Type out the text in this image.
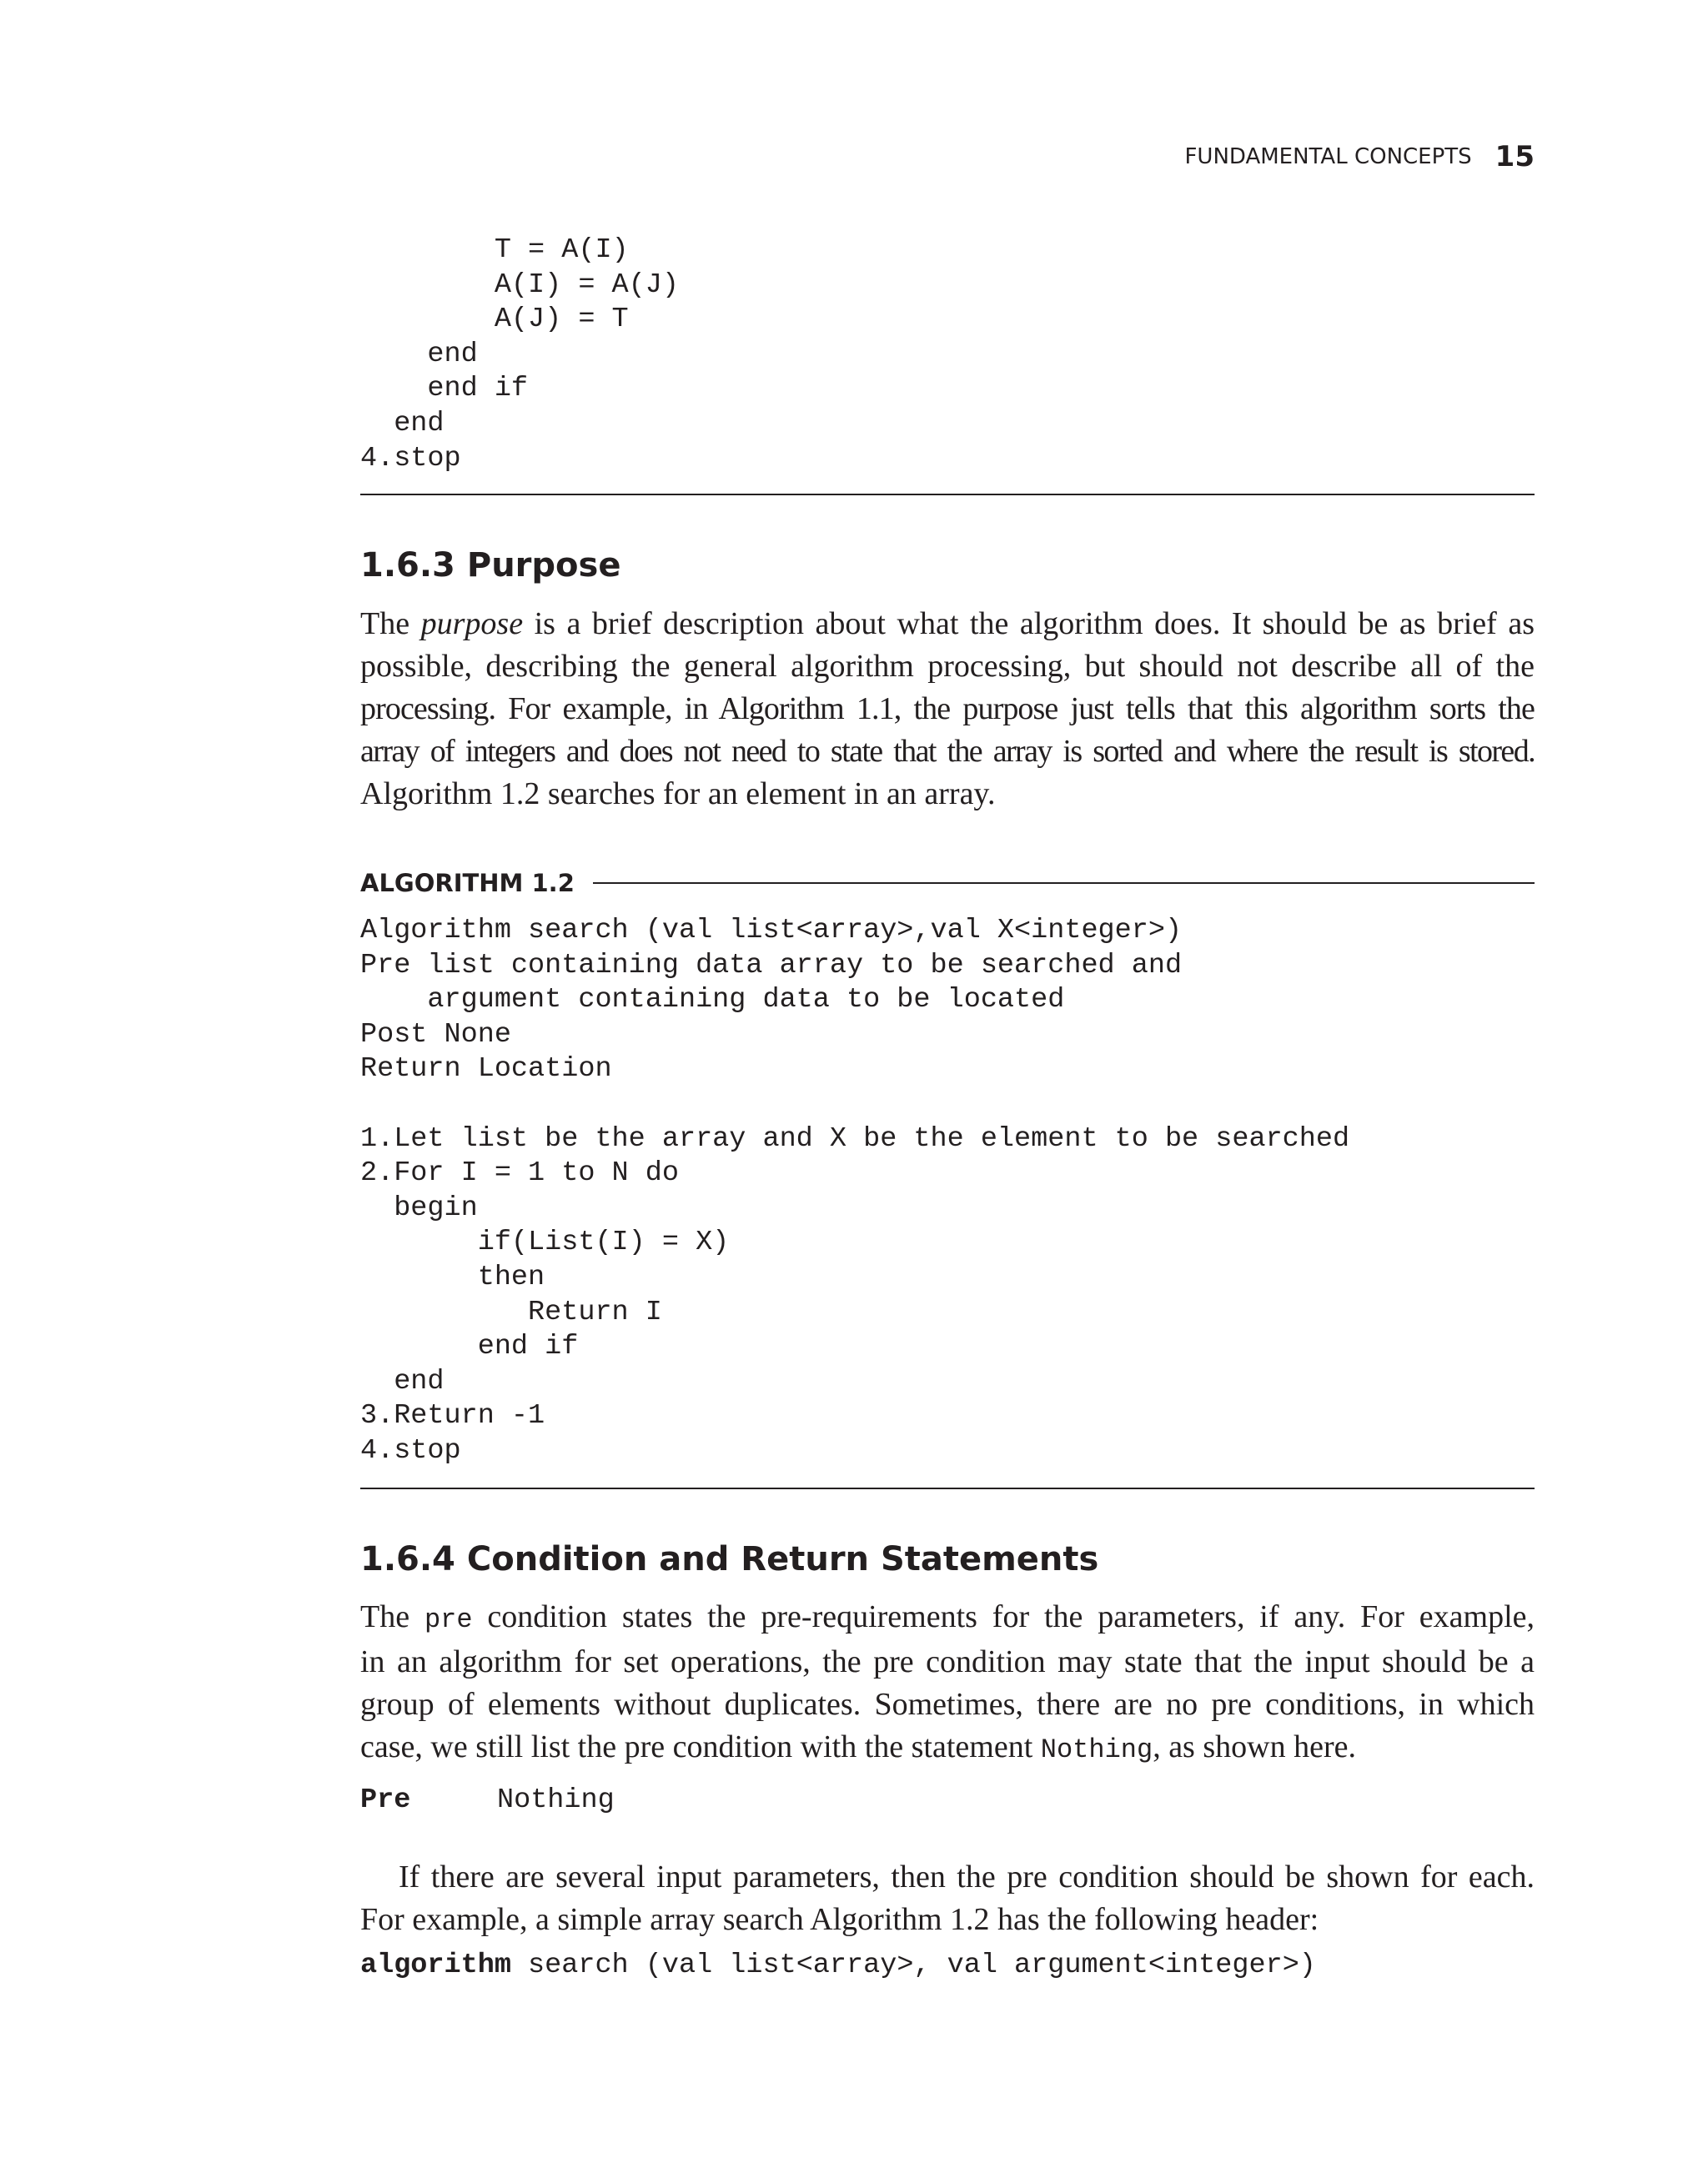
FUNDAMENTAL CONCEPTS 15
T = A(I)
A(I) = A(J)
A(J) = T
end
end if
end
4.stop
1.6.3 Purpose
The purpose is a brief description about what the algorithm does. It should be as brief as
possible, describing the general algorithm processing, but should not describe all of the
processing. For example, in Algorithm 1.1, the purpose just tells that this algorithm sorts the
array of integers and does not need to state that the array is sorted and where the result is stored.
Algorithm 1.2 searches for an element in an array.
ALGORITHM 1.2
Algorithm search (val list<array>,val X<integer>)
Pre list containing data array to be searched and
argument containing data to be located
Post None
Return Location

1.Let list be the array and X be the element to be searched
2.For I = 1 to N do
begin
if(List(I) = X)
then
Return I
end if
end
3.Return -1
4.stop
1.6.4 Condition and Return Statements
The pre condition states the pre-requirements for the parameters, if any. For example,
in an algorithm for set operations, the pre condition may state that the input should be a
group of elements without duplicates. Sometimes, there are no pre conditions, in which
case, we still list the pre condition with the statement Nothing, as shown here.
Pre	Nothing
If there are several input parameters, then the pre condition should be shown for each.
For example, a simple array search Algorithm 1.2 has the following header:
algorithm search (val list<array>, val argument<integer>)
